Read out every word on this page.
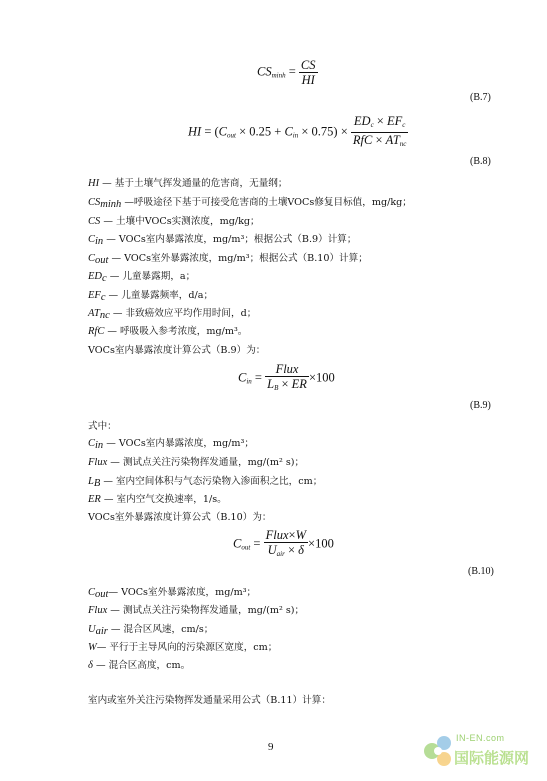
$CS_{minh} = \frac{CS}{HI}$
(B.7)
HI = $(C_{out} \times 0.25 + C_{in} \times 0.75) \times \frac{ED_c \times EF_c}{RfC \times AT_{nc}}$
(B.8)
HI — 基于土壤气挥发通量的危害商，无量纲；
$CS_{minh}$ —呼吸途径下基于可接受危害商的土壤VOCs修复目标值，mg/kg；
CS — 土壤中VOCs实测浓度，mg/kg；
$C_{in}$ — VOCs室内暴露浓度，mg/m³；根据公式（B.9）计算；
$C_{out}$ — VOCs室外暴露浓度，mg/m³；根据公式（B.10）计算；
$ED_c$ — 儿童暴露期，a；
$EF_c$ — 儿童暴露频率，d/a；
$AT_{nc}$ — 非致癌效应平均作用时间，d；
RfC — 呼吸吸入参考浓度，mg/m³。
VOCs室内暴露浓度计算公式（B.9）为：
$C_{in} = \frac{\text{Flux}}{L_B \times ER} \times 100$
(B.9)
式中：
$C_{in}$ — VOCs室内暴露浓度，mg/m³；
Flux — 测试点关注污染物挥发通量，mg/(m² s)；
$L_B$ — 室内空间体积与气态污染物入渗面积之比，cm；
ER — 室内空气交换速率，1/s。
VOCs室外暴露浓度计算公式（B.10）为：
$C_{out} = \frac{\text{Flux×W}}{U_{air} \times \delta} \times 100$
(B.10)
$C_{out}—$ VOCs室外暴露浓度，mg/m³；
Flux — 测试点关注污染物挥发通量，mg/(m² s)；
$U_{air}$ — 混合区风速，cm/s；
W— 平行于主导风向的污染源区宽度，cm；
δ — 混合区高度，cm。
室内或室外关注污染物挥发通量采用公式（B.11）计算：
9
IN-EN.com
国际能源网
